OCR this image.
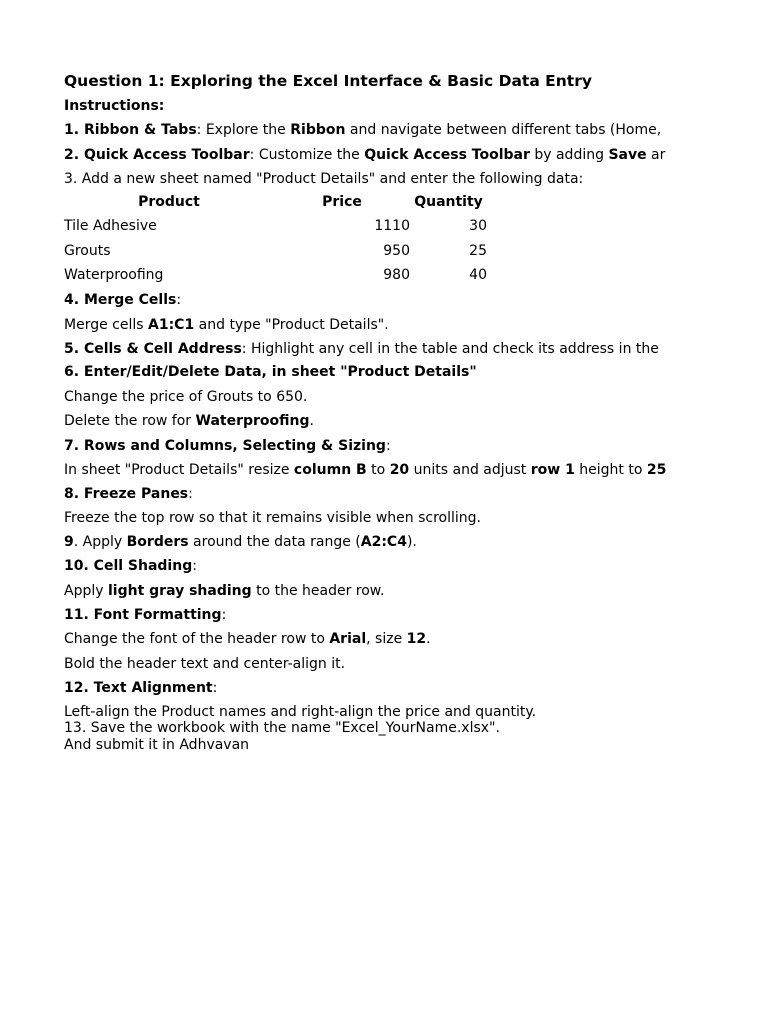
Question 1: Exploring the Excel Interface & Basic Data Entry
Instructions:
1. Ribbon & Tabs: Explore the Ribbon and navigate between different tabs (Home,
2. Quick Access Toolbar: Customize the Quick Access Toolbar by adding Save ar
3. Add a new sheet named "Product Details" and enter the following data:
Product	Price	Quantity
Tile Adhesive	1110	30
Grouts	950	25
Waterproofing	980	40
4. Merge Cells:
Merge cells A1:C1 and type "Product Details".
5. Cells & Cell Address: Highlight any cell in the table and check its address in the
6. Enter/Edit/Delete Data, in sheet "Product Details"
Change the price of Grouts to 650.
Delete the row for Waterproofing.
7. Rows and Columns, Selecting & Sizing:
In sheet "Product Details" resize column B to 20 units and adjust row 1 height to 25
8. Freeze Panes:
Freeze the top row so that it remains visible when scrolling.
9. Apply Borders around the data range (A2:C4).
10. Cell Shading:
Apply light gray shading to the header row.
11. Font Formatting:
Change the font of the header row to Arial, size 12.
Bold the header text and center-align it.
12. Text Alignment:
Left-align the Product names and right-align the price and quantity.
13. Save the workbook with the name "Excel_YourName.xlsx".
And submit it in Adhvavan
